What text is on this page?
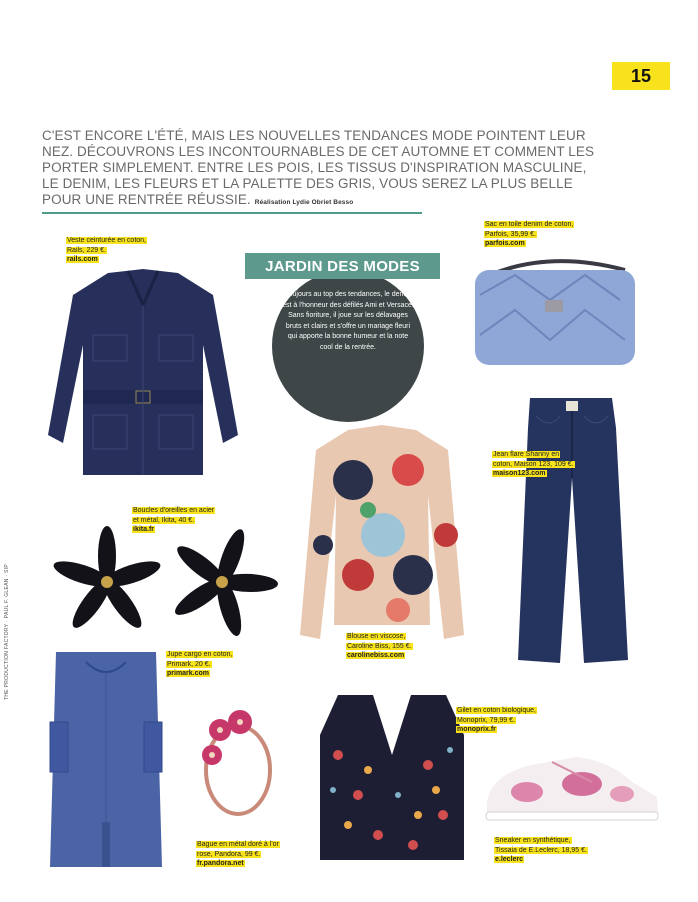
15
C'EST ENCORE L'ÉTÉ, MAIS LES NOUVELLES TENDANCES MODE POINTENT LEUR NEZ. DÉCOUVRONS LES INCONTOURNABLES DE CET AUTOMNE ET COMMENT LES PORTER SIMPLEMENT. ENTRE LES POIS, LES TISSUS D'INSPIRATION MASCULINE, LE DENIM, LES FLEURS ET LA PALETTE DES GRIS, VOUS SEREZ LA PLUS BELLE POUR UNE RENTRÉE RÉUSSIE. Réalisation Lydie Obriet Besso
Toujours au top des tendances, le denim est à l'honneur des défilés Ami et Versace. Sans fioriture, il joue sur les délavages bruts et clairs et s'offre un mariage fleuri qui apporte la bonne humeur et la note cool de la rentrée.
JARDIN DES MODES
Veste ceinturée en coton,
Rails, 229 €.
rails.com
Sac en toile denim de coton,
Parfois, 35,99 €.
parfois.com
Jean flare Shanny en
coton, Maison 123, 109 €.
maison123.com
Blouse en viscose,
Caroline Biss, 155 €.
carolinebiss.com
Boucles d'oreilles en acier
et métal, Ikita, 40 €.
ikita.fr
Jupe cargo en coton,
Primark, 20 €.
primark.com
Bague en métal doré à l'or
rose, Pandora, 99 €.
fr.pandora.net
Gilet en coton biologique,
Monoprix, 79,99 €.
monoprix.fr
Sneaker en synthétique,
Tissaia de E.Leclerc, 18,95 €.
e.leclerc
THE PRODUCTION FACTORY · PAUL F. GLEAN · SIP
